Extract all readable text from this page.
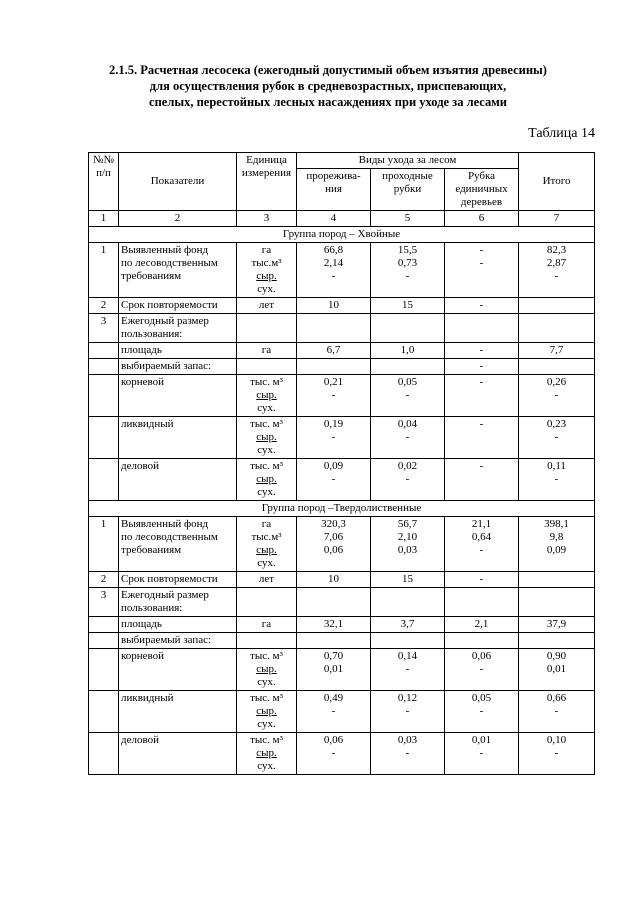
2.1.5. Расчетная лесосека (ежегодный допустимый объем изъятия древесины)
для осуществления рубок в средневозрастных, приспевающих,
спелых, перестойных лесных насаждениях при уходе за лесами
Таблица 14
№№ п/п	Показатели	Единица измерения	Виды ухода за лесом			Итого
			прорежива-ния	проходные рубки	Рубка единичных деревьев	
1	2	3	4	5	6	7
Группа пород – Хвойные						
1	Выявленный фонд
по лесоводственным
требованиям	га
тыс.м³
сыр.
сух.	66,8
2,14
-	15,5
0,73
-	-
-	82,3
2,87
-

2	Срок повторяемости	лет	10	15	-	
3	Ежегодный размер пользования:					
	площадь	га	6,7	1,0	-	7,7
	выбираемый запас:				-	
	корневой	тыс. м³
сыр.
сух.	0,21
-	0,05
-	-	0,26
-

	ликвидный	тыс. м³
сыр.
сух.	0,19
-	0,04
-	-	0,23
-

	деловой	тыс. м³
сыр.
сух.	0,09
-	0,02
-	-	0,11
-

Группа пород –Твердолиственные						
1	Выявленный фонд
по лесоводственным
требованиям	га
тыс.м³
сыр.
сух.	320,3
7,06
0,06	56,7
2,10
0,03	21,1
0,64
-	398,1
9,8
0,09

2	Срок повторяемости	лет	10	15	-	
3	Ежегодный размер пользования:					
	площадь	га	32,1	3,7	2,1	37,9
	выбираемый запас:					
	корневой	тыс. м³
сыр.
сух.	0,70
0,01	0,14
-	0,06
-	0,90
0,01

	ликвидный	тыс. м³
сыр.
сух.	0,49
-	0,12
-	0,05
-	0,66
-

	деловой	тыс. м³
сыр.
сух.	0,06
-	0,03
-	0,01
-	0,10
-
